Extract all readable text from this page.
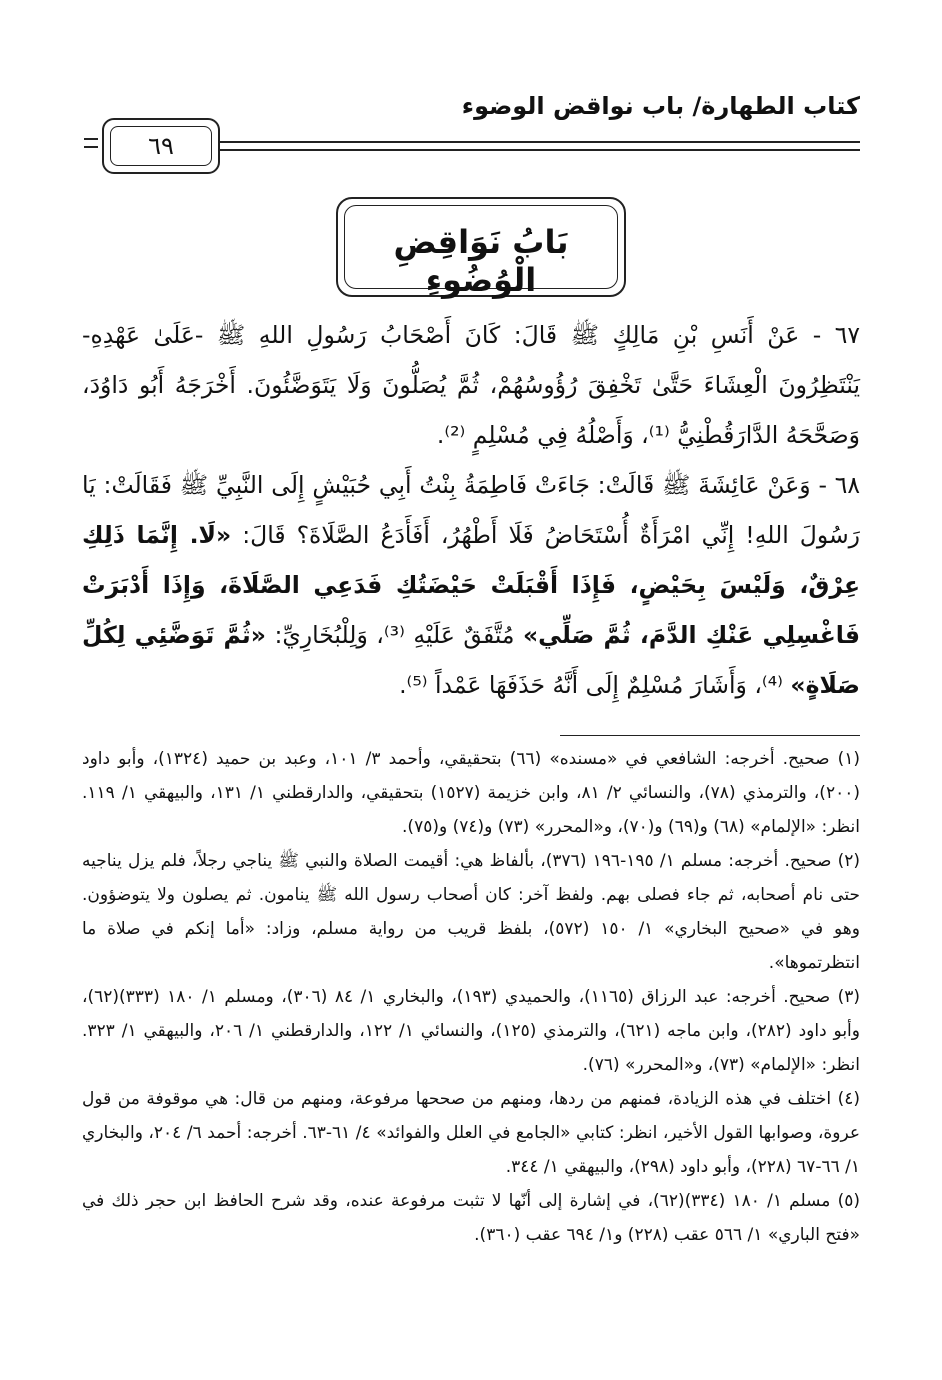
كتاب الطهارة/ باب نواقض الوضوء
٦٩
بَابُ نَوَاقِضِ الْوُضُوءِ

٦٧ - عَنْ أَنَسِ بْنِ مَالِكٍ ﷺ قَالَ: كَانَ أَصْحَابُ رَسُولِ اللهِ ﷺ -عَلَىٰ عَهْدِهِ- يَنْتَظِرُونَ الْعِشَاءَ حَتَّىٰ تَخْفِقَ رُؤُوسُهُمْ، ثُمَّ يُصَلُّونَ وَلَا يَتَوَضَّئُونَ. أَخْرَجَهُ أَبُو دَاوُدَ، وَصَحَّحَهُ الدَّارَقُطْنِيُّ ⁽¹⁾، وَأَصْلُهُ فِي مُسْلِمٍ ⁽²⁾.

٦٨ - وَعَنْ عَائِشَةَ ﷺ قَالَتْ: جَاءَتْ فَاطِمَةُ بِنْتُ أَبِي حُبَيْشٍ إِلَى النَّبِيِّ ﷺ فَقَالَتْ: يَا رَسُولَ اللهِ! إِنِّي امْرَأَةٌ أُسْتَحَاضُ فَلَا أَطْهُرُ، أَفَأَدَعُ الصَّلَاةَ؟ قَالَ: «لَا. إِنَّمَا ذَلِكِ عِرْقٌ، وَلَيْسَ بِحَيْضٍ، فَإِذَا أَقْبَلَتْ حَيْضَتُكِ فَدَعِي الصَّلَاةَ، وَإِذَا أَدْبَرَتْ فَاغْسِلِي عَنْكِ الدَّمَ، ثُمَّ صَلِّي» مُتَّفَقٌ عَلَيْهِ ⁽³⁾، وَلِلْبُخَارِيِّ: «ثُمَّ تَوَضَّئِي لِكُلِّ صَلَاةٍ» ⁽⁴⁾، وَأَشَارَ مُسْلِمٌ إِلَى أَنَّهُ حَذَفَهَا عَمْداً ⁽⁵⁾.

(١) صحيح. أخرجه: الشافعي في «مسنده» (٦٦) بتحقيقي، وأحمد ٣/ ١٠١، وعبد بن حميد (١٣٢٤)، وأبو داود (٢٠٠)، والترمذي (٧٨)، والنسائي ٢/ ٨١، وابن خزيمة (١٥٢٧) بتحقيقي، والدارقطني ١/ ١٣١، والبيهقي ١/ ١١٩. انظر: «الإلمام» (٦٨) و(٦٩) و(٧٠)، و«المحرر» (٧٣) و(٧٤) و(٧٥).

(٢) صحيح. أخرجه: مسلم ١/ ١٩٥-١٩٦ (٣٧٦)، بألفاظ هي: أقيمت الصلاة والنبي ﷺ يناجي رجلاً، فلم يزل يناجيه حتى نام أصحابه، ثم جاء فصلى بهم. ولفظ آخر: كان أصحاب رسول الله ﷺ ينامون. ثم يصلون ولا يتوضؤون. وهو في «صحيح البخاري» ١/ ١٥٠ (٥٧٢)، بلفظ قريب من رواية مسلم، وزاد: «أما إنكم في صلاة ما انتظرتموها».

(٣) صحيح. أخرجه: عبد الرزاق (١١٦٥)، والحميدي (١٩٣)، والبخاري ١/ ٨٤ (٣٠٦)، ومسلم ١/ ١٨٠ (٣٣٣)(٦٢)، وأبو داود (٢٨٢)، وابن ماجه (٦٢١)، والترمذي (١٢٥)، والنسائي ١/ ١٢٢، والدارقطني ١/ ٢٠٦، والبيهقي ١/ ٣٢٣. انظر: «الإلمام» (٧٣)، و«المحرر» (٧٦).

(٤) اختلف في هذه الزيادة، فمنهم من ردها، ومنهم من صححها مرفوعة، ومنهم من قال: هي موقوفة من قول عروة، وصوابها القول الأخير، انظر: كتابي «الجامع في العلل والفوائد» ٤/ ٦١-٦٣. أخرجه: أحمد ٦/ ٢٠٤، والبخاري ١/ ٦٦-٦٧ (٢٢٨)، وأبو داود (٢٩٨)، والبيهقي ١/ ٣٤٤.

(٥) مسلم ١/ ١٨٠ (٣٣٤)(٦٢)، في إشارة إلى أنّها لا تثبت مرفوعة عنده، وقد شرح الحافظ ابن حجر ذلك في «فتح الباري» ١/ ٥٦٦ عقب (٢٢٨) و١/ ٦٩٤ عقب (٣٦٠).
